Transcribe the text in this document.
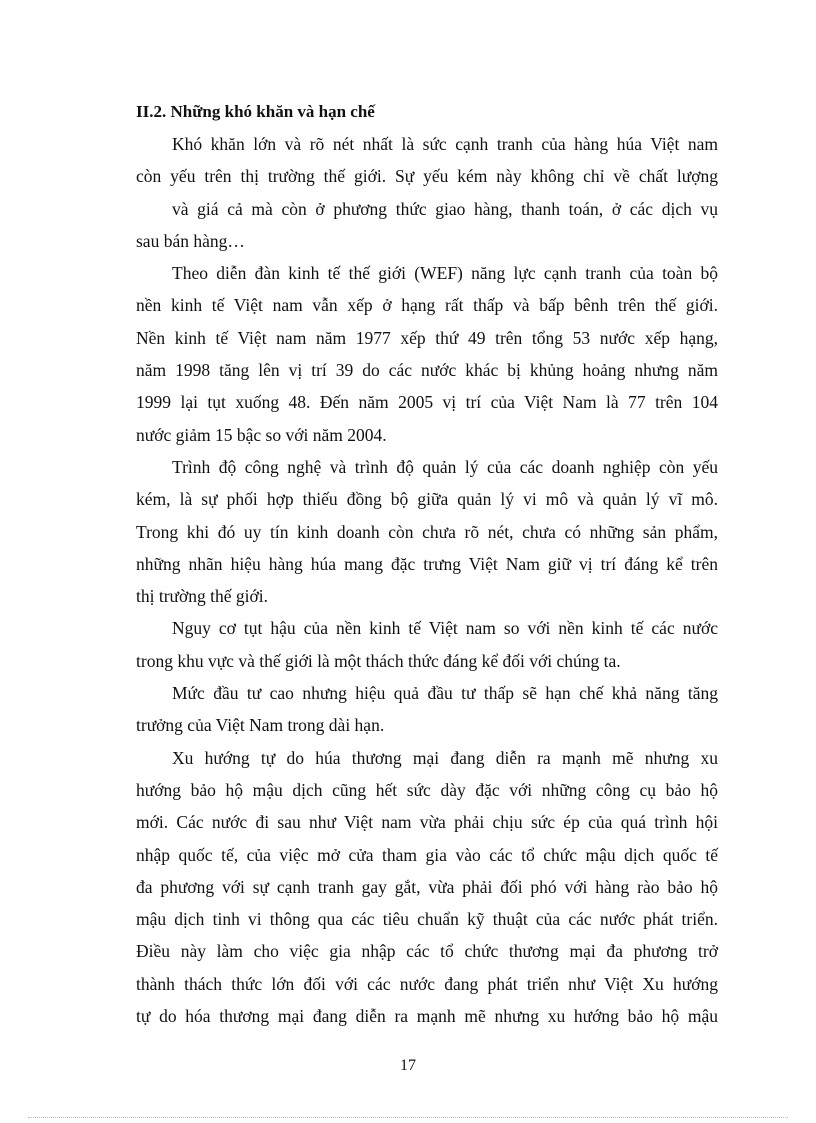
II.2. Những khó khăn và hạn chế

Khó khăn lớn và rõ nét nhất là sức cạnh tranh của hàng húa Việt nam

còn yếu trên thị trường thế giới. Sự yếu kém này không chỉ về chất lượng

và giá cả mà còn ở phương thức giao hàng, thanh toán, ở các dịch vụ

sau bán hàng…

Theo diễn đàn kinh tế thế giới (WEF) năng lực cạnh tranh của toàn bộ

nền kinh tế Việt nam vẫn xếp ở hạng rất thấp và bấp bênh trên thế giới.

Nền kinh tế Việt nam năm 1977 xếp thứ 49 trên tổng 53 nước xếp hạng,

năm 1998 tăng lên vị trí 39 do các nước khác bị khủng hoảng nhưng năm

1999 lại tụt xuống 48. Đến năm 2005 vị trí của Việt Nam là 77 trên 104

nước giảm 15 bậc so với năm 2004.

Trình độ công nghệ và trình độ quản lý của các doanh nghiệp còn yếu

kém, là sự phối hợp thiếu đồng bộ giữa quản lý vi mô và quản lý vĩ mô.

Trong khi đó uy tín kinh doanh còn chưa rõ nét, chưa có những sản phẩm,

những nhãn hiệu hàng húa mang đặc trưng Việt Nam giữ vị trí đáng kể trên

thị trường thế giới.

Nguy cơ tụt hậu của nền kinh tế Việt nam so với nền kinh tế các nước

trong khu vực và thế giới là một thách thức đáng kể đối với chúng ta.

Mức đầu tư cao nhưng hiệu quả đầu tư thấp sẽ hạn chế khả năng tăng

trưởng của Việt Nam trong dài hạn.

Xu hướng tự do húa thương mại đang diễn ra mạnh mẽ nhưng xu

hướng bảo hộ mậu dịch cũng hết sức dày đặc với những công cụ bảo hộ

mới. Các nước đi sau như Việt nam vừa phải chịu sức ép của quá trình hội

nhập quốc tế, của việc mở cửa tham gia vào các tổ chức mậu dịch quốc tế

đa phương với sự cạnh tranh gay gắt, vừa phải đối phó với hàng rào bảo hộ

mậu dịch tinh vi thông qua các tiêu chuẩn kỹ thuật của các nước phát triển.

Điều này làm cho việc gia nhập các tổ chức thương mại đa phương trở

thành thách thức lớn đối với các nước đang phát triển như Việt Xu hướng

tự do hóa thương mại đang diễn ra mạnh mẽ nhưng xu hướng bảo hộ mậu

17
